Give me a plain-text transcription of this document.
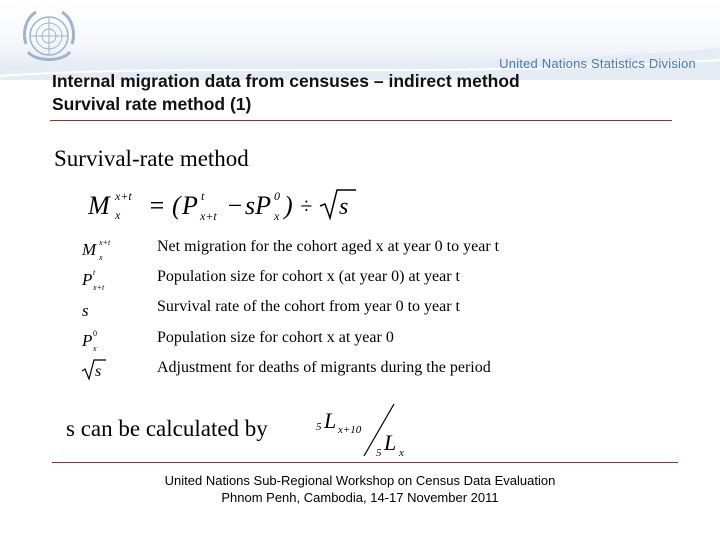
United Nations Statistics Division
Internal migration data from censuses – indirect method
Survival rate method (1)
Survival-rate method
M x+t
x = ( P t
x+t − sP 0
x ) ÷ s
M x+t
x
P t
x+t
s
P 0
x
s
Net migration for the cohort aged x at year 0 to year t
Population size for cohort x (at year 0) at year t
Survival rate of the cohort from year 0 to year t
Population size for cohort x at year 0
Adjustment for deaths of migrants during the period
s can be calculated by	5 L x+10
5 L x
United Nations Sub-Regional Workshop on Census Data Evaluation
Phnom Penh, Cambodia, 14-17 November 2011
